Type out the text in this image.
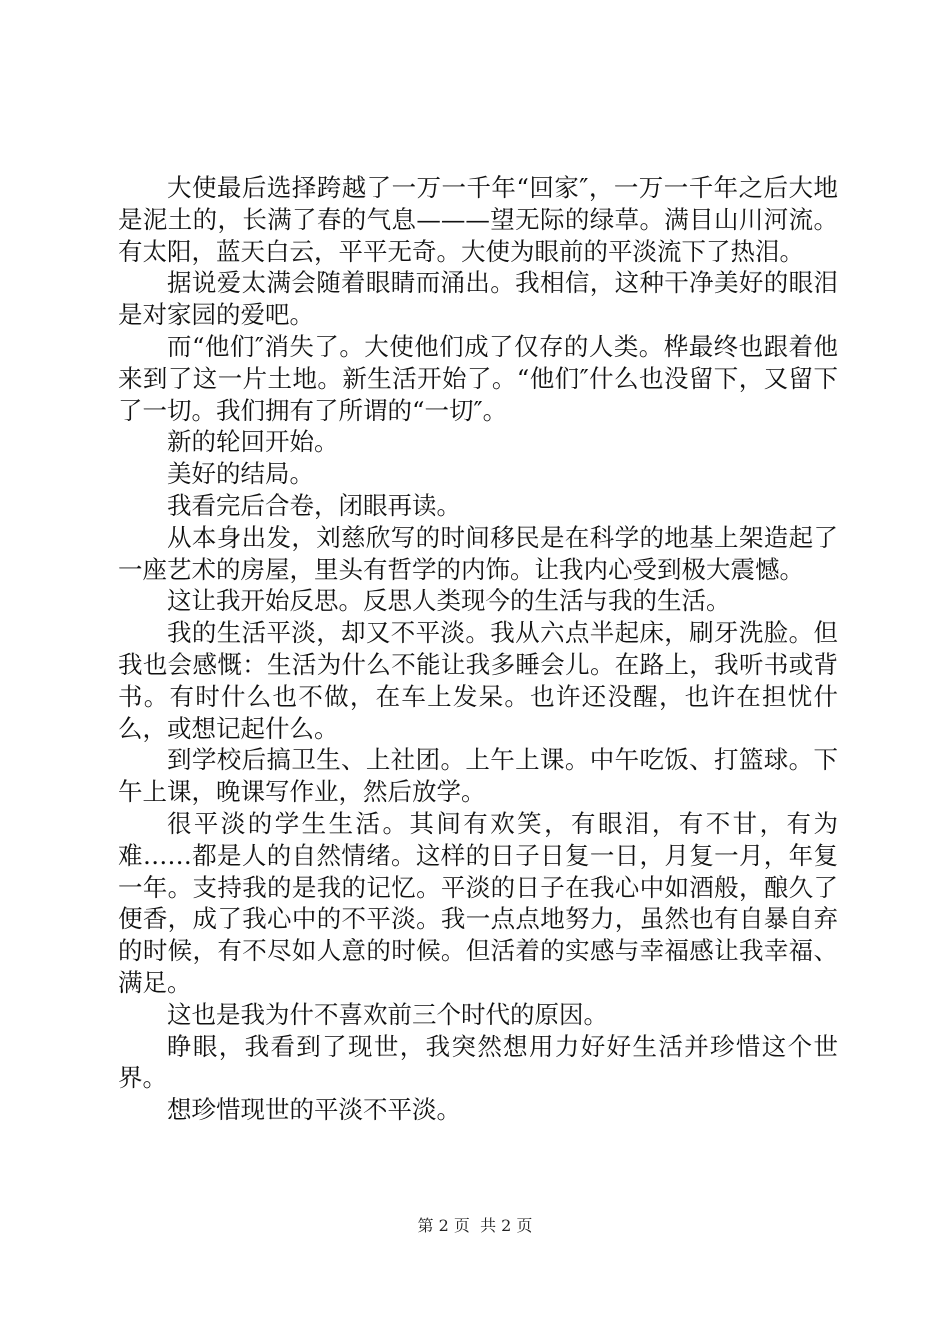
大使最后选择跨越了一万一千年“回家″，一万一千年之后大地是泥土的，长满了春的气息———望无际的绿草。满目山川河流。有太阳，蓝天白云，平平无奇。大使为眼前的平淡流下了热泪。

据说爱太满会随着眼睛而涌出。我相信，这种干净美好的眼泪是对家园的爱吧。

而“他们″消失了。大使他们成了仅存的人类。桦最终也跟着他来到了这一片土地。新生活开始了。“他们″什么也没留下，又留下了一切。我们拥有了所谓的“一切″。

新的轮回开始。

美好的结局。

我看完后合卷，闭眼再读。

从本身出发，刘慈欣写的时间移民是在科学的地基上架造起了一座艺术的房屋，里头有哲学的内饰。让我内心受到极大震憾。

这让我开始反思。反思人类现今的生活与我的生活。

我的生活平淡，却又不平淡。我从六点半起床，刷牙洗脸。但我也会感慨：生活为什么不能让我多睡会儿。在路上，我听书或背书。有时什么也不做，在车上发呆。也许还没醒，也许在担忧什么，或想记起什么。

到学校后搞卫生、上社团。上午上课。中午吃饭、打篮球。下午上课，晚课写作业，然后放学。

很平淡的学生生活。其间有欢笑，有眼泪，有不甘，有为难……都是人的自然情绪。这样的日子日复一日，月复一月，年复一年。支持我的是我的记忆。平淡的日子在我心中如酒般，酿久了便香，成了我心中的不平淡。我一点点地努力，虽然也有自暴自弃的时候，有不尽如人意的时候。但活着的实感与幸福感让我幸福、满足。

这也是我为什不喜欢前三个时代的原因。

睁眼，我看到了现世，我突然想用力好好生活并珍惜这个世界。

想珍惜现世的平淡不平淡。

第 2 页  共 2 页
